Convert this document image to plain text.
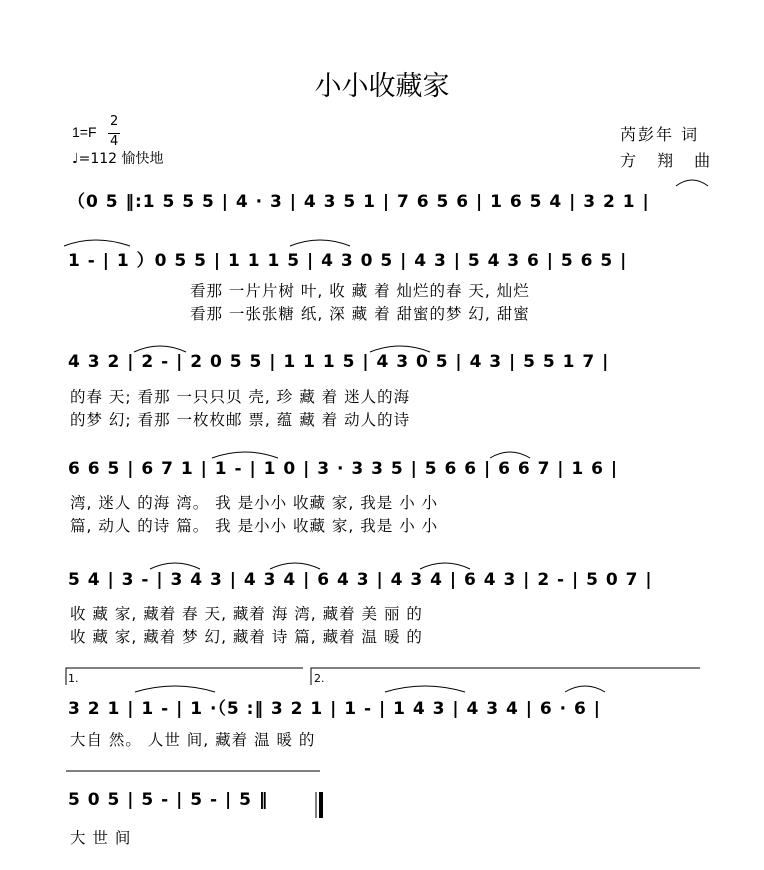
小小收藏家
1=F
2
4
♩=112 愉快地
芮彭年 词
方 翔 曲
（0 5 ‖:1 5 5 5 | 4 · 3 | 4 3 5 1 | 7 6 5 6 | 1 6 5 4 | 3 2 1 |
1 - | 1 ）0 5 5 | 1 1 1 5 | 4 3 0 5 | 4 3 | 5 4 3 6 | 5 6 5 |
看那 一片片树 叶, 收 藏 着 灿烂的春 天, 灿烂
看那 一张张糖 纸, 深 藏 着 甜蜜的梦 幻, 甜蜜
4 3 2 | 2 - | 2 0 5 5 | 1 1 1 5 | 4 3 0 5 | 4 3 | 5 5 1 7 |
的春 天; 看那 一只只贝 壳, 珍 藏 着 迷人的海
的梦 幻; 看那 一枚枚邮 票, 蕴 藏 着 动人的诗
6 6 5 | 6 7 1 | 1 - | 1 0 | 3 · 3 3 5 | 5 6 6 | 6 6 7 | 1 6 |
湾, 迷人 的海 湾。 我 是小小 收藏 家, 我是 小 小
篇, 动人 的诗 篇。 我 是小小 收藏 家, 我是 小 小
5 4 | 3 - | 3 4 3 | 4 3 4 | 6 4 3 | 4 3 4 | 6 4 3 | 2 - | 5 0 7 |
收 藏 家, 藏着 春 天, 藏着 海 湾, 藏着 美 丽 的
收 藏 家, 藏着 梦 幻, 藏着 诗 篇, 藏着 温 暖 的
1.	2.
3 2 1 | 1 - | 1 ·（5 :‖ 3 2 1 | 1 - | 1 4 3 | 4 3 4 | 6 · 6 |
大自 然。 人世 间, 藏着 温 暖 的
5 0 5 | 5 - | 5 - | 5 ‖
大 世 间
